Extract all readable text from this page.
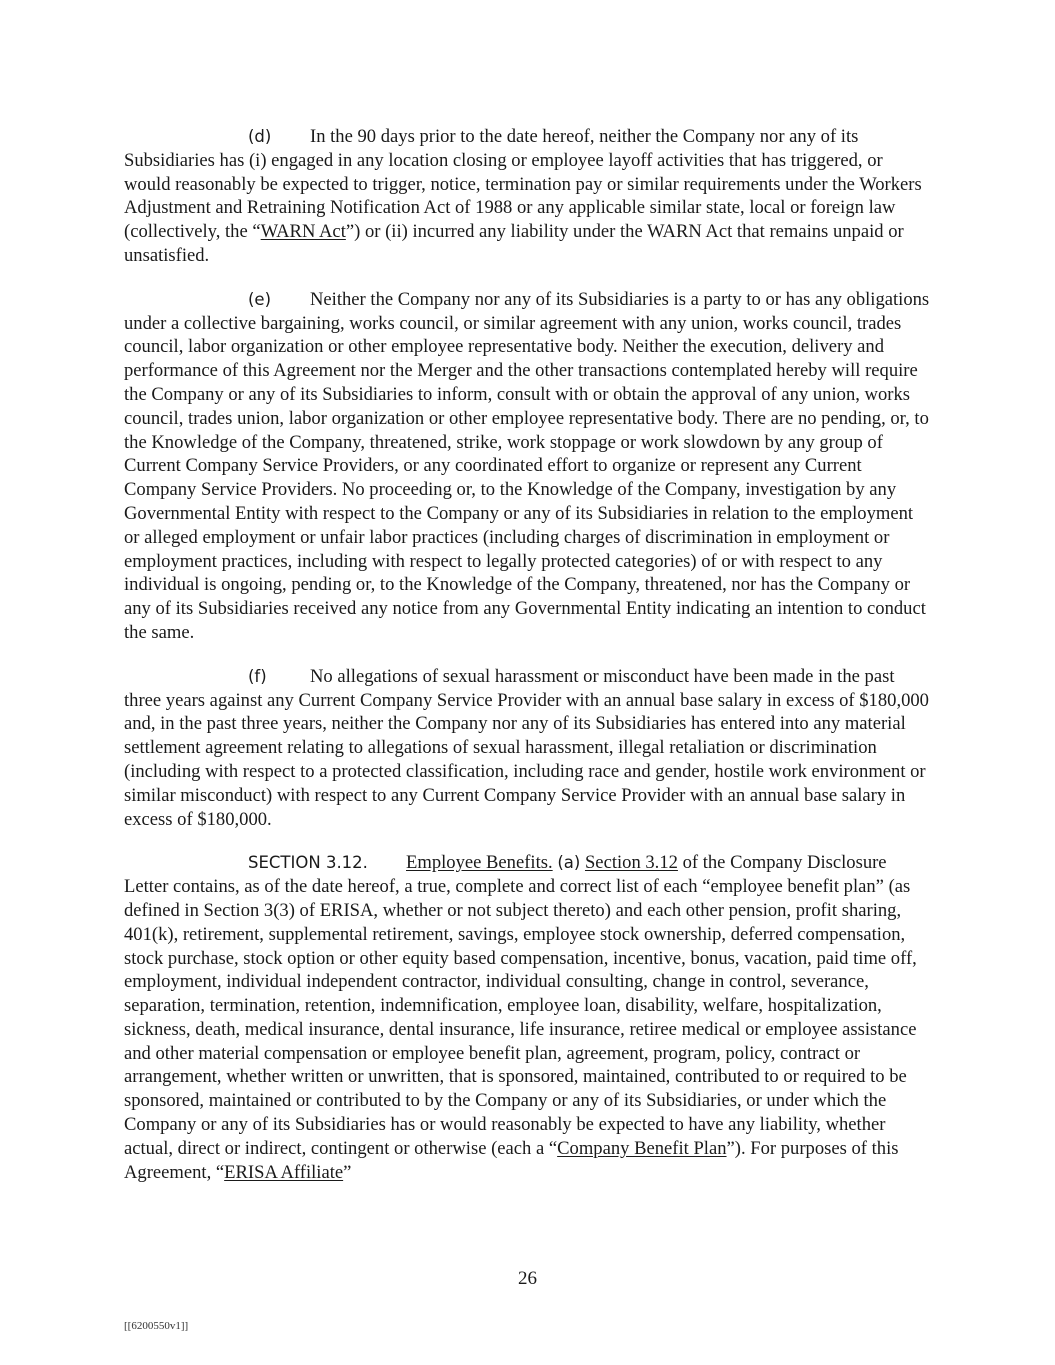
(d) In the 90 days prior to the date hereof, neither the Company nor any of its Subsidiaries has (i) engaged in any location closing or employee layoff activities that has triggered, or would reasonably be expected to trigger, notice, termination pay or similar requirements under the Workers Adjustment and Retraining Notification Act of 1988 or any applicable similar state, local or foreign law (collectively, the “WARN Act”) or (ii) incurred any liability under the WARN Act that remains unpaid or unsatisfied.

(e) Neither the Company nor any of its Subsidiaries is a party to or has any obligations under a collective bargaining, works council, or similar agreement with any union, works council, trades council, labor organization or other employee representative body. Neither the execution, delivery and performance of this Agreement nor the Merger and the other transactions contemplated hereby will require the Company or any of its Subsidiaries to inform, consult with or obtain the approval of any union, works council, trades union, labor organization or other employee representative body. There are no pending, or, to the Knowledge of the Company, threatened, strike, work stoppage or work slowdown by any group of Current Company Service Providers, or any coordinated effort to organize or represent any Current Company Service Providers. No proceeding or, to the Knowledge of the Company, investigation by any Governmental Entity with respect to the Company or any of its Subsidiaries in relation to the employment or alleged employment or unfair labor practices (including charges of discrimination in employment or employment practices, including with respect to legally protected categories) of or with respect to any individual is ongoing, pending or, to the Knowledge of the Company, threatened, nor has the Company or any of its Subsidiaries received any notice from any Governmental Entity indicating an intention to conduct the same.

(f) No allegations of sexual harassment or misconduct have been made in the past three years against any Current Company Service Provider with an annual base salary in excess of $180,000 and, in the past three years, neither the Company nor any of its Subsidiaries has entered into any material settlement agreement relating to allegations of sexual harassment, illegal retaliation or discrimination (including with respect to a protected classification, including race and gender, hostile work environment or similar misconduct) with respect to any Current Company Service Provider with an annual base salary in excess of $180,000.

SECTION 3.12. Employee Benefits. (a) Section 3.12 of the Company Disclosure Letter contains, as of the date hereof, a true, complete and correct list of each “employee benefit plan” (as defined in Section 3(3) of ERISA, whether or not subject thereto) and each other pension, profit sharing, 401(k), retirement, supplemental retirement, savings, employee stock ownership, deferred compensation, stock purchase, stock option or other equity based compensation, incentive, bonus, vacation, paid time off, employment, individual independent contractor, individual consulting, change in control, severance, separation, termination, retention, indemnification, employee loan, disability, welfare, hospitalization, sickness, death, medical insurance, dental insurance, life insurance, retiree medical or employee assistance and other material compensation or employee benefit plan, agreement, program, policy, contract or arrangement, whether written or unwritten, that is sponsored, maintained, contributed to or required to be sponsored, maintained or contributed to by the Company or any of its Subsidiaries, or under which the Company or any of its Subsidiaries has or would reasonably be expected to have any liability, whether actual, direct or indirect, contingent or otherwise (each a “Company Benefit Plan”). For purposes of this Agreement, “ERISA Affiliate”

26
[[6200550v1]]
